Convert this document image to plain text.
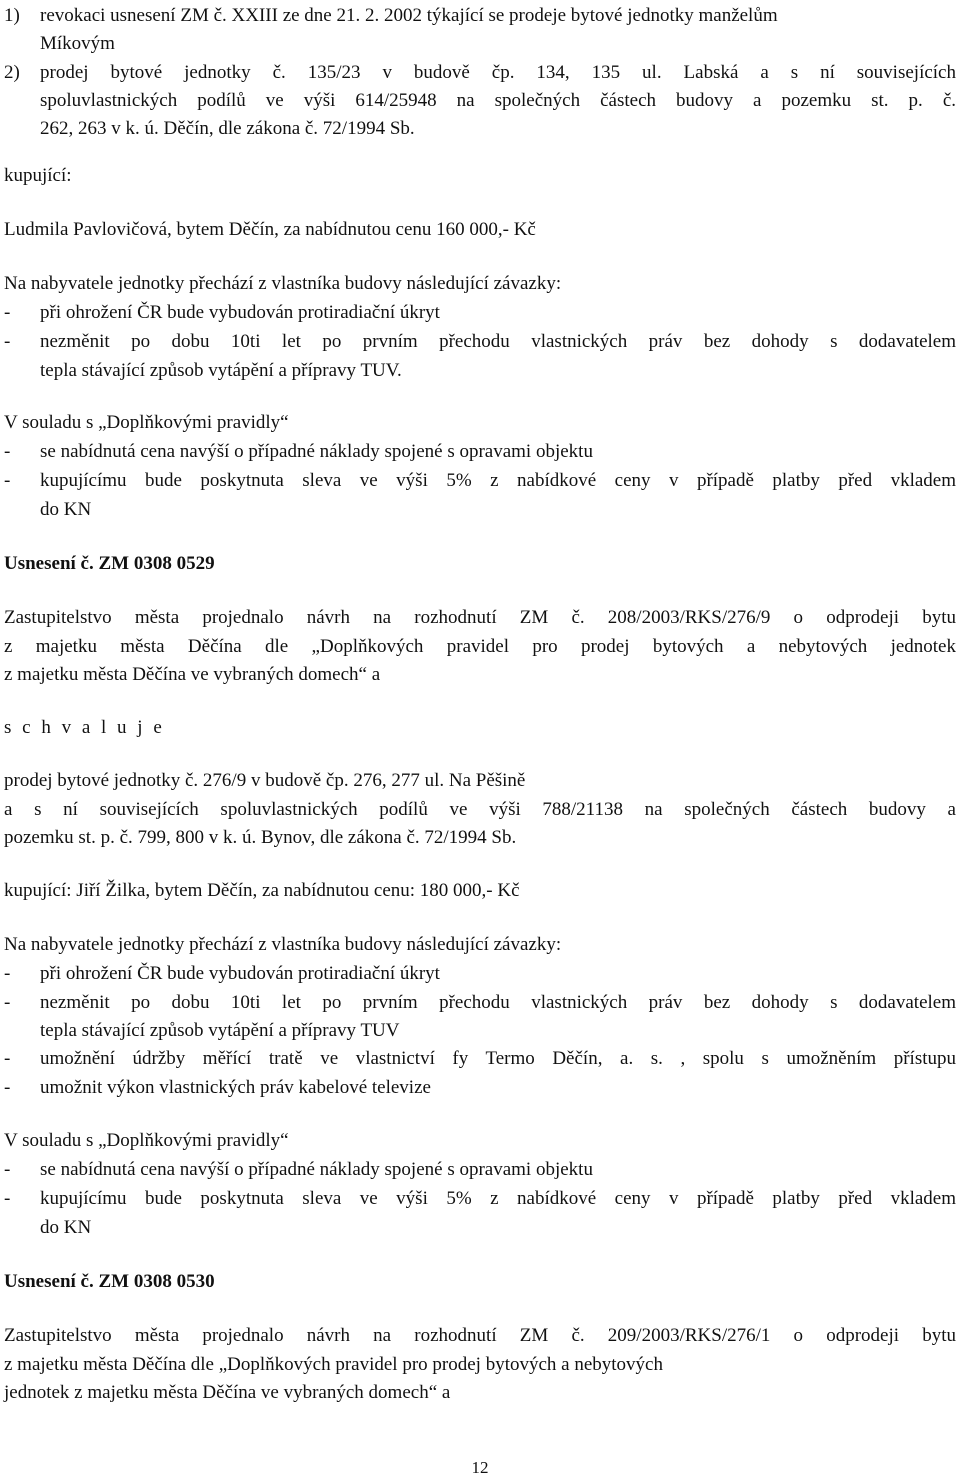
1) revokaci usnesení ZM č. XXIII ze dne 21. 2. 2002 týkající se prodeje bytové jednotky manželům
Míkovým
2) prodej bytové jednotky č. 135/23 v budově čp. 134, 135 ul. Labská a s ní souvisejících
spoluvlastnických podílů ve výši 614/25948 na společných částech budovy a pozemku st. p. č.
262, 263 v k. ú. Děčín, dle zákona č. 72/1994 Sb.
kupující:
Ludmila Pavlovičová, bytem Děčín, za nabídnutou cenu 160 000,- Kč
Na nabyvatele jednotky přechází z vlastníka budovy následující závazky:
- při ohrožení ČR bude vybudován protiradiační úkryt
- nezměnit po dobu 10ti let po prvním přechodu vlastnických práv bez dohody s dodavatelem
tepla stávající způsob vytápění a přípravy TUV.
V souladu s „Doplňkovými pravidly“
- se nabídnutá cena navýší o případné náklady spojené s opravami objektu
- kupujícímu bude poskytnuta sleva ve výši 5% z nabídkové ceny v případě platby před vkladem
do KN
Usnesení č. ZM 0308 0529
Zastupitelstvo města projednalo návrh na rozhodnutí ZM č. 208/2003/RKS/276/9 o odprodeji bytu
z majetku města Děčína dle „Doplňkových pravidel pro prodej bytových a nebytových jednotek
z majetku města Děčína ve vybraných domech“ a
s c h v a l u j e
prodej bytové jednotky č. 276/9 v budově čp. 276, 277 ul. Na Pěšině
a s ní souvisejících spoluvlastnických podílů ve výši 788/21138 na společných částech budovy a
pozemku st. p. č. 799, 800 v k. ú. Bynov, dle zákona č. 72/1994 Sb.
kupující: Jiří Žilka, bytem Děčín, za nabídnutou cenu: 180 000,- Kč
Na nabyvatele jednotky přechází z vlastníka budovy následující závazky:
- při ohrožení ČR bude vybudován protiradiační úkryt
- nezměnit po dobu 10ti let po prvním přechodu vlastnických práv bez dohody s dodavatelem
tepla stávající způsob vytápění a přípravy TUV
- umožnění údržby měřící tratě ve vlastnictví fy Termo Děčín, a. s. , spolu s umožněním přístupu
- umožnit výkon vlastnických práv kabelové televize
V souladu s „Doplňkovými pravidly“
- se nabídnutá cena navýší o případné náklady spojené s opravami objektu
- kupujícímu bude poskytnuta sleva ve výši 5% z nabídkové ceny v případě platby před vkladem
do KN
Usnesení č. ZM 0308 0530
Zastupitelstvo města projednalo návrh na rozhodnutí ZM č. 209/2003/RKS/276/1 o odprodeji bytu
z majetku města Děčína dle „Doplňkových pravidel pro prodej bytových a nebytových
jednotek z majetku města Děčína ve vybraných domech“ a
12
